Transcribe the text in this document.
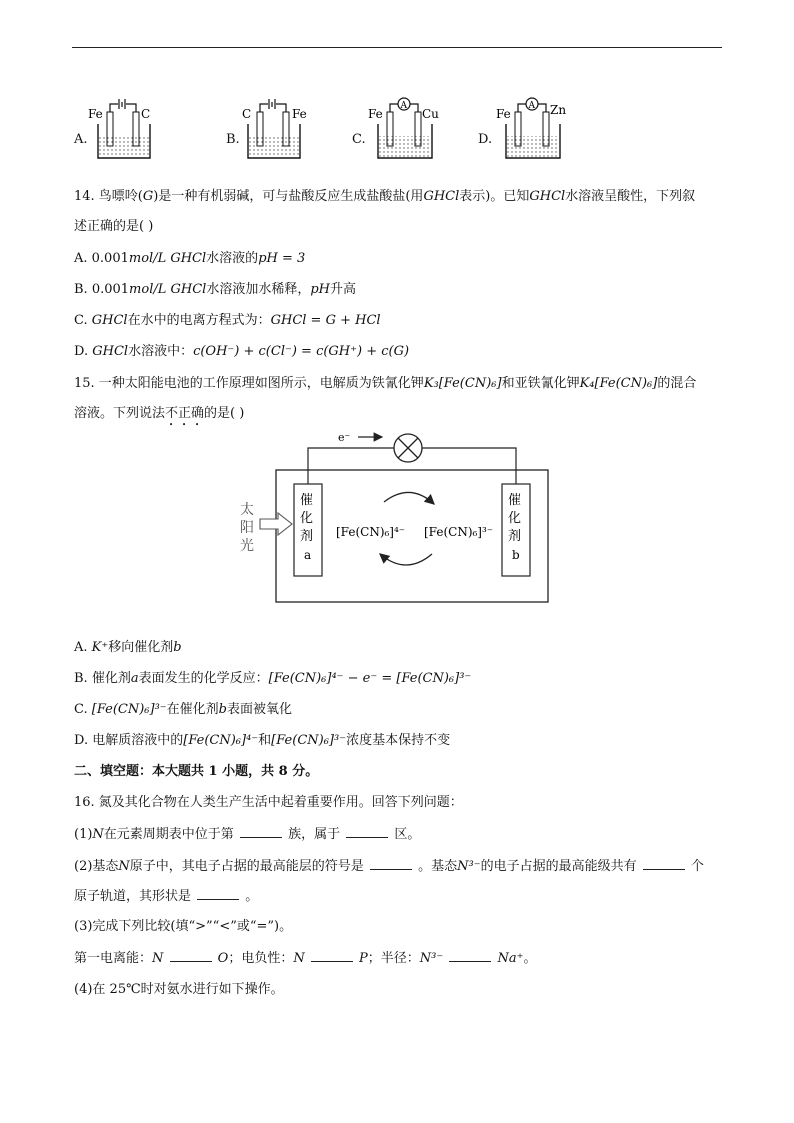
A.	B.	C.	D.
Fe	C	C	Fe	Fe	Cu
A
Fe	Zn
A
14. 鸟嘌呤(G)是一种有机弱碱，可与盐酸反应生成盐酸盐(用GHCl表示)。已知GHCl水溶液呈酸性，下列叙
述正确的是( )
A. 0.001mol/L GHCl水溶液的pH = 3
B. 0.001mol/L GHCl水溶液加水稀释，pH升高
C. GHCl在水中的电离方程式为：GHCl = G + HCl
D. GHCl水溶液中：c(OH⁻) + c(Cl⁻) = c(GH⁺) + c(G)
15. 一种太阳能电池的工作原理如图所示，电解质为铁氰化钾K₃[Fe(CN)₆]和亚铁氰化钾K₄[Fe(CN)₆]的混合
溶液。下列说法不正确的是( )
e⁻
催
化
剂
a
催
化
剂
b
太
阳
光
[Fe(CN)₆]⁴⁻ [Fe(CN)₆]³⁻
A. K⁺移向催化剂b
B. 催化剂a表面发生的化学反应：[Fe(CN)₆]⁴⁻ − e⁻ = [Fe(CN)₆]³⁻
C. [Fe(CN)₆]³⁻在催化剂b表面被氧化
D. 电解质溶液中的[Fe(CN)₆]⁴⁻和[Fe(CN)₆]³⁻浓度基本保持不变
二、填空题：本大题共 1 小题，共 8 分。
16. 氮及其化合物在人类生产生活中起着重要作用。回答下列问题：
(1)N在元素周期表中位于第	族，属于	区。
(2)基态N原子中，其电子占据的最高能层的符号是	。基态N³⁻的电子占据的最高能级共有	个
原子轨道，其形状是	。
(3)完成下列比较(填“>”“<”或“=”)。
第一电离能：N	O；电负性：N	P；半径：N³⁻	Na⁺。
(4)在 25℃时对氨水进行如下操作。
